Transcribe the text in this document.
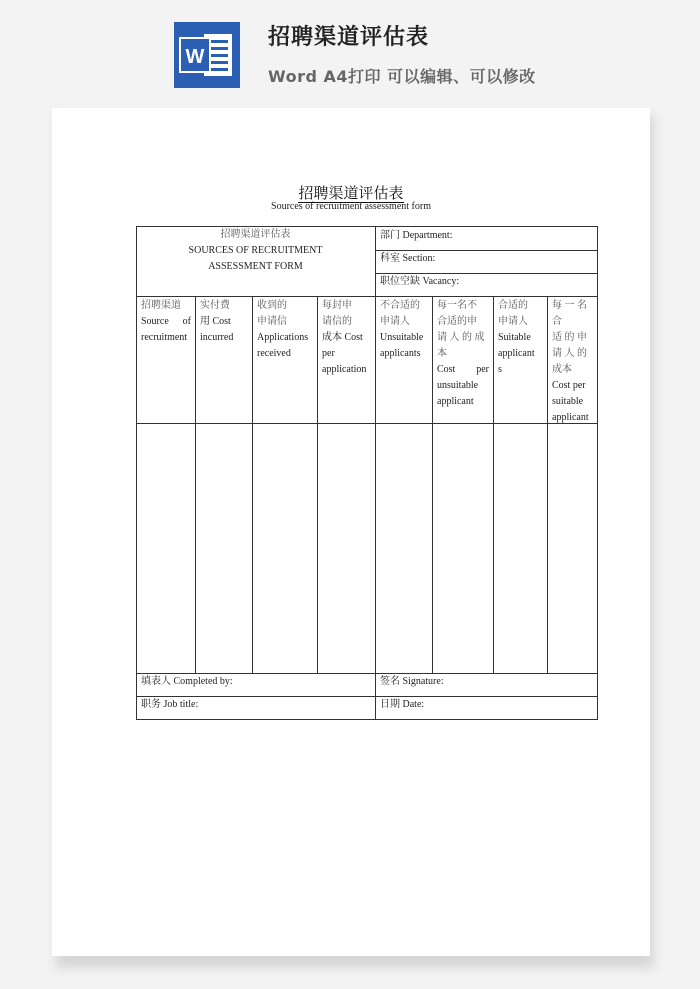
W
招聘渠道评估表
Word A4打印 可以编辑、可以修改
招聘渠道评估表
Sources of recruitment assessment form
招聘渠道评估表
SOURCES OF RECRUITMENT
ASSESSMENT FORM
部门 Department:
科室 Section:
职位空缺 Vacancy:
招聘渠道
Source of
recruitment
实付费
用 Cost
incurred
收到的
申请信
Applications
received
每封申
请信的
成本 Cost
per
application
不合适的
申请人
Unsuitable
applicants
每一名不
合适的申
请 人 的 成
本
Cost per
unsuitable
applicant
合适的
申请人
Suitable
applicant
s
每 一 名
合
适 的 申
请 人 的
成本
Cost per
suitable
applicant
填表人 Completed by:	签名 Signature:
职务 Job title:	日期 Date:
